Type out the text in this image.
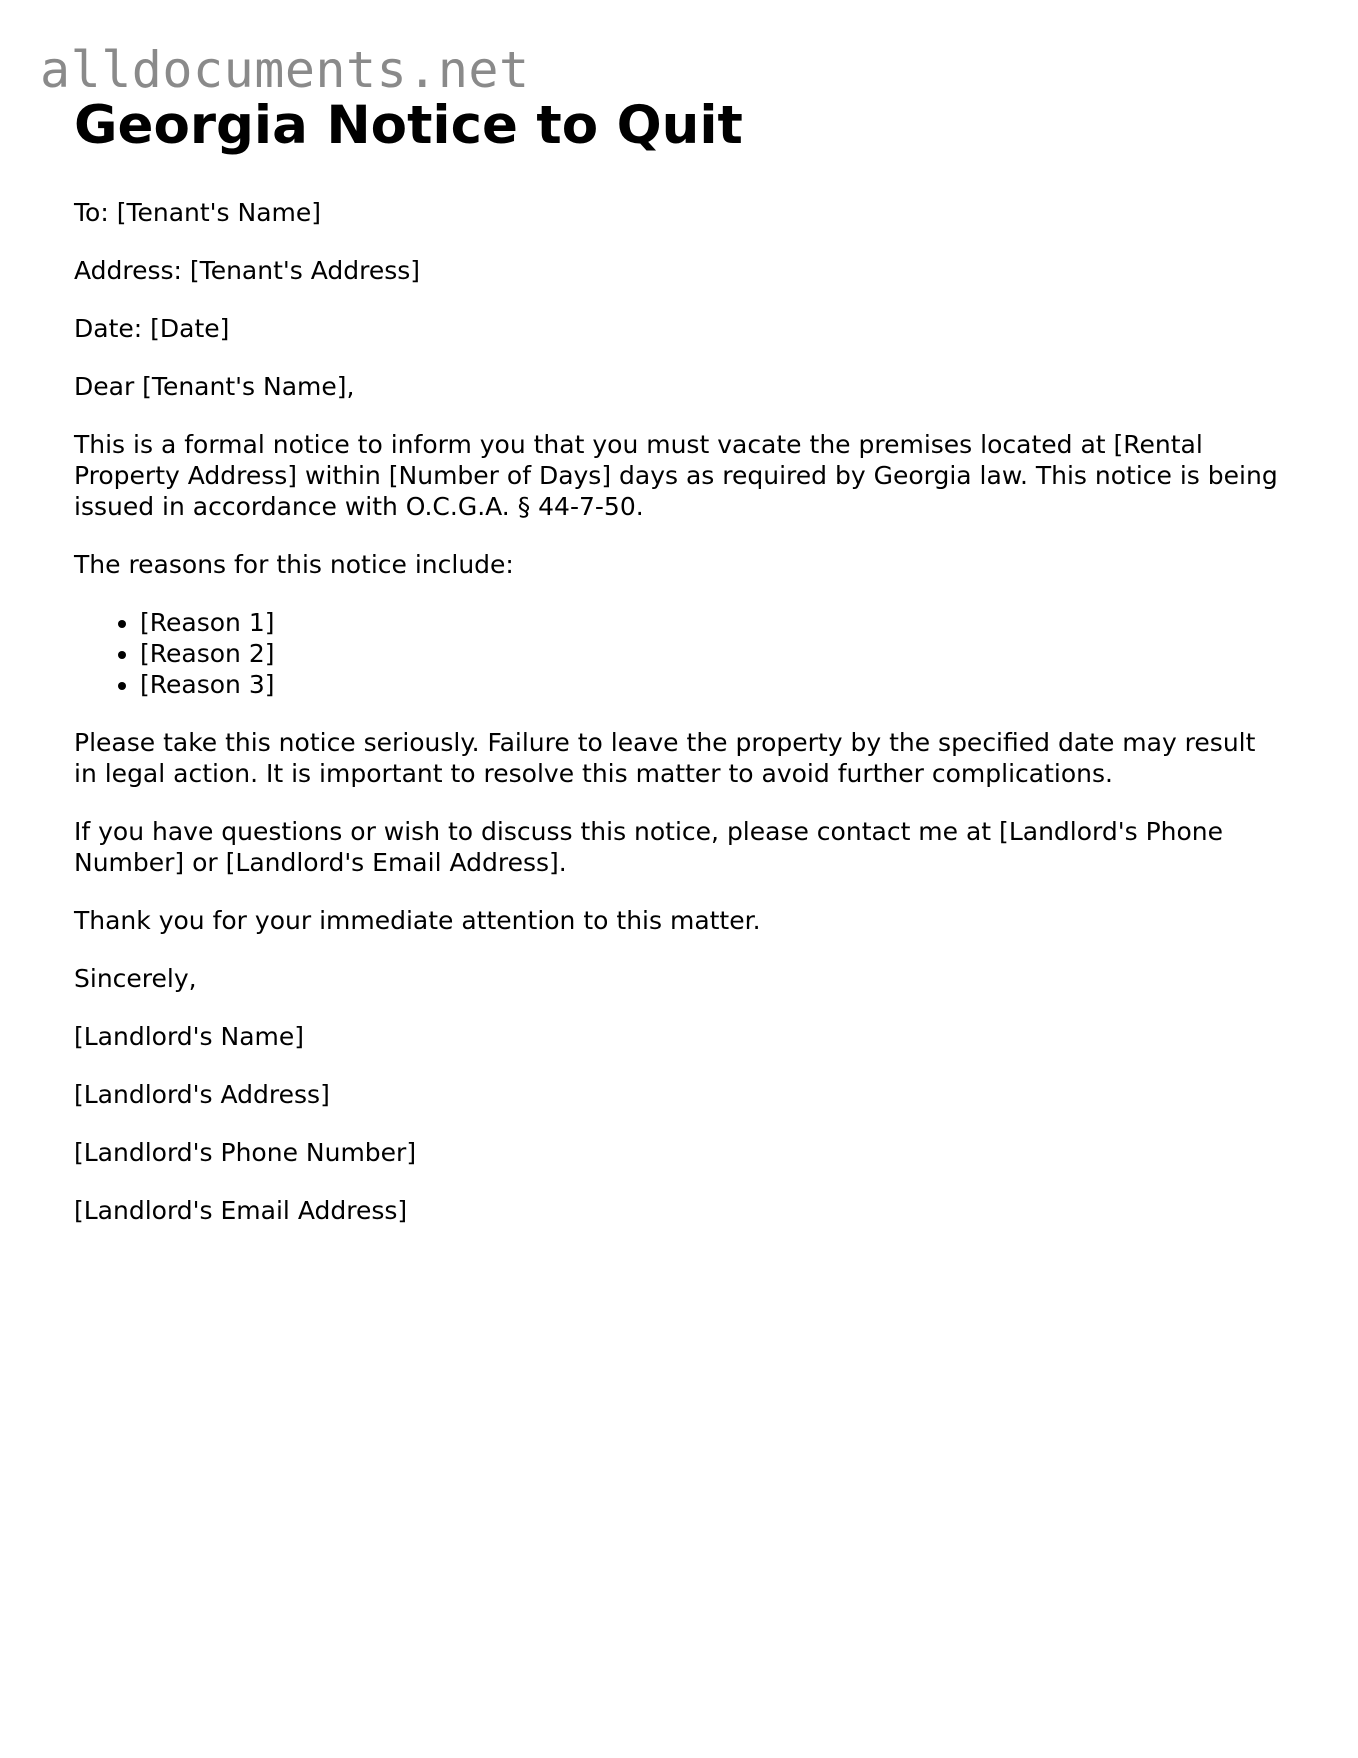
alldocuments.net
Georgia Notice to Quit

To: [Tenant's Name]

Address: [Tenant's Address]

Date: [Date]

Dear [Tenant's Name],

This is a formal notice to inform you that you must vacate the premises located at [Rental Property Address] within [Number of Days] days as required by Georgia law. This notice is being issued in accordance with O.C.G.A. § 44-7-50.

The reasons for this notice include:

• [Reason 1]
• [Reason 2]
• [Reason 3]

Please take this notice seriously. Failure to leave the property by the specified date may result in legal action. It is important to resolve this matter to avoid further complications.

If you have questions or wish to discuss this notice, please contact me at [Landlord's Phone Number] or [Landlord's Email Address].

Thank you for your immediate attention to this matter.

Sincerely,

[Landlord's Name]

[Landlord's Address]

[Landlord's Phone Number]

[Landlord's Email Address]
